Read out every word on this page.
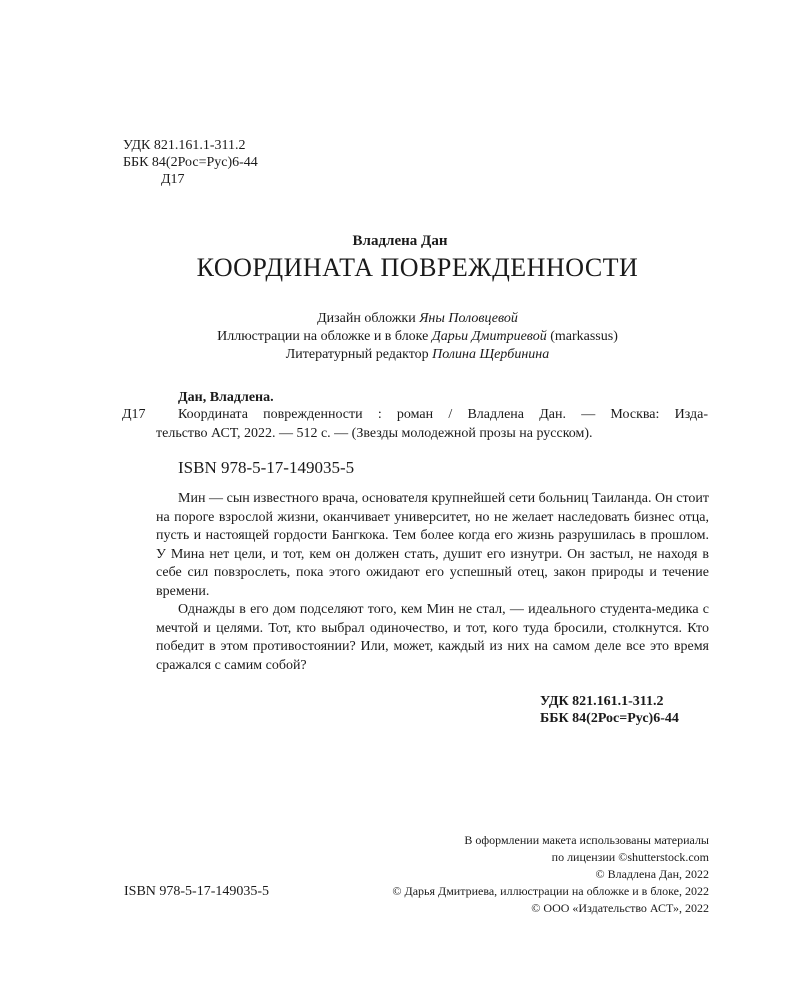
УДК 821.161.1-311.2
ББК 84(2Рос=Рус)6-44
Д17
Владлена Дан
КООРДИНАТА ПОВРЕЖДЕННОСТИ
Дизайн обложки Яны Половцевой
Иллюстрации на обложке и в блоке Дарьи Дмитриевой (markassus)
Литературный редактор Полина Щербинина
Дан, Владлена.
Д17 Координата поврежденности : роман / Владлена Дан. — Москва: Изда-
тельство АСТ, 2022. — 512 с. — (Звезды молодежной прозы на русском).
ISBN 978-5-17-149035-5

Мин — сын известного врача, основателя крупнейшей сети больниц Таиланда. Он стоит на пороге взрослой жизни, оканчивает университет, но не желает наследовать бизнес отца, пусть и настоящей гордости Бангкока. Тем более когда его жизнь разрушилась в прошлом. У Мина нет цели, и тот, кем он должен стать, душит его изнутри. Он застыл, не находя в себе сил повзрослеть, пока этого ожидают его успешный отец, закон природы и течение времени.

Однажды в его дом подселяют того, кем Мин не стал, — идеального студента-медика с мечтой и целями. Тот, кто выбрал одиночество, и тот, кого туда бросили, столкнутся. Кто победит в этом противостоянии? Или, может, каждый из них на самом деле все это время сражался с самим собой?

УДК 821.161.1-311.2
ББК 84(2Рос=Рус)6-44
В оформлении макета использованы материалы
по лицензии ©shutterstock.com
© Владлена Дан, 2022
© Дарья Дмитриева, иллюстрации на обложке и в блоке, 2022
© ООО «Издательство АСТ», 2022
ISBN 978-5-17-149035-5
